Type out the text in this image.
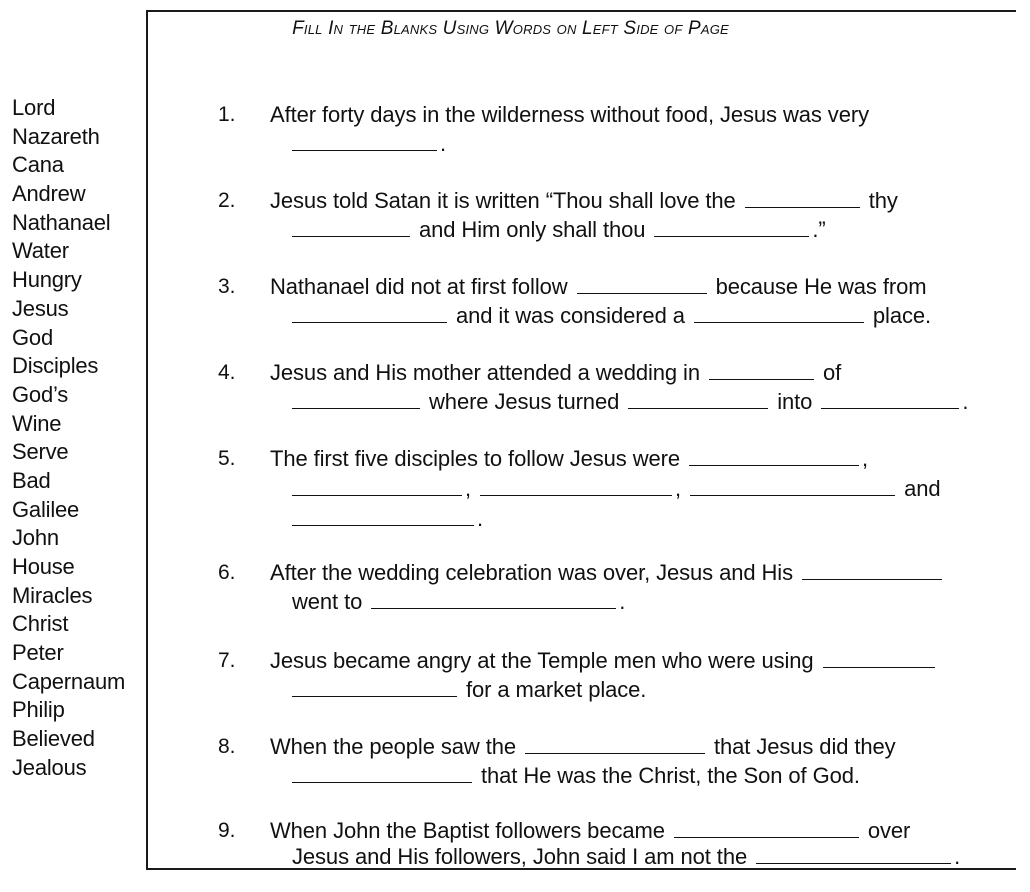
Lord
Nazareth
Cana
Andrew
Nathanael
Water
Hungry
Jesus
God
Disciples
God’s
Wine
Serve
Bad
Galilee
John
House
Miracles
Christ
Peter
Capernaum
Philip
Believed
Jealous
Fill In the Blanks Using Words on Left Side of Page
1. After forty days in the wilderness without food, Jesus was very
.
2. Jesus told Satan it is written “Thou shall love the	thy
and Him only shall thou	.”
3. Nathanael did not at first follow	because He was from
and it was considered a	place.
4. Jesus and His mother attended a wedding in	of
where Jesus turned	into	.
5. The first five disciples to follow Jesus were	,
,	,	and
.
6. After the wedding celebration was over, Jesus and His
went to	.
7. Jesus became angry at the Temple men who were using
for a market place.
8. When the people saw the	that Jesus did they
that He was the Christ, the Son of God.
9. When John the Baptist followers became	over
Jesus and His followers, John said I am not the	.
